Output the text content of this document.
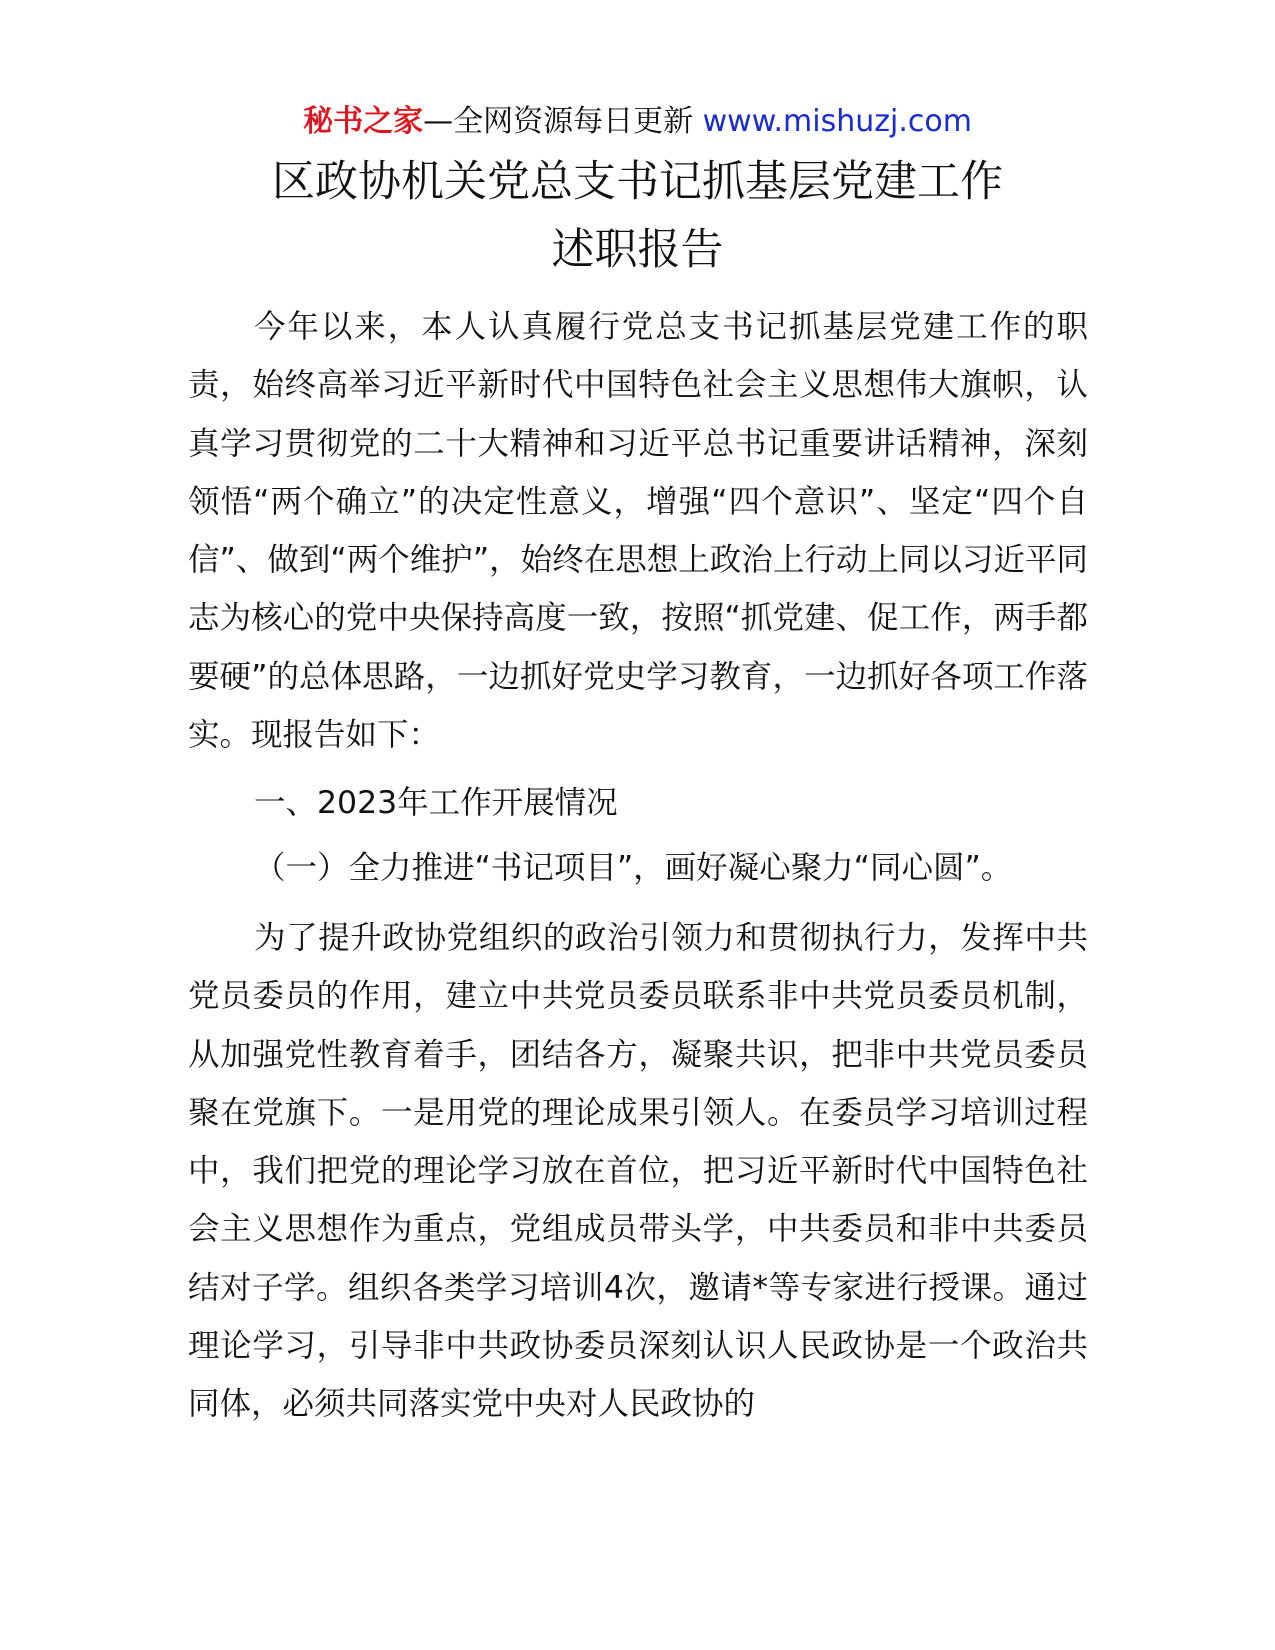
秘书之家—全网资源每日更新 www.mishuzj.com
区政协机关党总支书记抓基层党建工作
述职报告

今年以来，本人认真履行党总支书记抓基层党建工作的职责，始终高举习近平新时代中国特色社会主义思想伟大旗帜，认真学习贯彻党的二十大精神和习近平总书记重要讲话精神，深刻领悟“两个确立”的决定性意义，增强“四个意识”、坚定“四个自信”、做到“两个维护”，始终在思想上政治上行动上同以习近平同志为核心的党中央保持高度一致，按照“抓党建、促工作，两手都要硬”的总体思路，一边抓好党史学习教育，一边抓好各项工作落实。现报告如下：

一、2023年工作开展情况

（一）全力推进“书记项目”，画好凝心聚力“同心圆”。

为了提升政协党组织的政治引领力和贯彻执行力，发挥中共党员委员的作用，建立中共党员委员联系非中共党员委员机制，从加强党性教育着手，团结各方，凝聚共识，把非中共党员委员聚在党旗下。一是用党的理论成果引领人。在委员学习培训过程中，我们把党的理论学习放在首位，把习近平新时代中国特色社会主义思想作为重点，党组成员带头学，中共委员和非中共委员结对子学。组织各类学习培训4次，邀请*等专家进行授课。通过理论学习，引导非中共政协委员深刻认识人民政协是一个政治共同体，必须共同落实党中央对人民政协的
